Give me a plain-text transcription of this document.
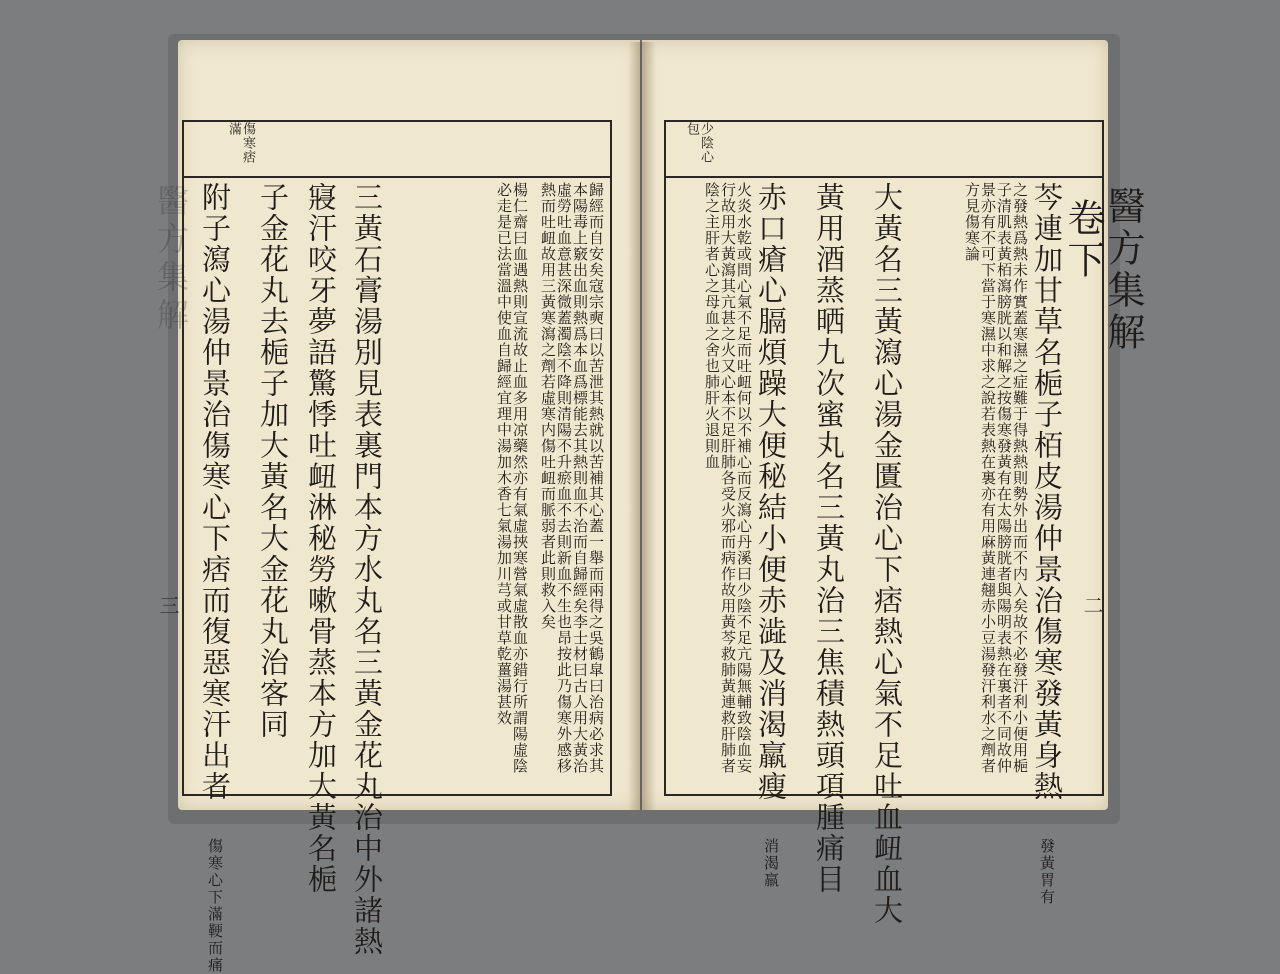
少陰心包
傷寒痞滿
醫方集解 卷下
醫方集解
二
三	芩連加甘草名梔子栢皮湯仲景治傷寒發黃身熱 發黃胃有
之發熱爲熱未作實蓋寒濕之症難于得熱熱則勢外出而不内入矣故不必發汗利小便用梔子清肌表黃栢瀉膀胱以和解之按傷寒發黃有在太陽膀胱者與陽明表熱在裏者不同故仲景亦有不可下當于寒濕中求之說若表熱在裏亦有用麻黃連翹赤小豆湯發汗利水之劑者方見傷寒論
大黃名三黃瀉心湯金匱治心下痞熱心氣不足吐血衄血大
黃用酒蒸晒九次蜜丸名三黃丸治三焦積熱頭項腫痛目
赤口瘡心膈煩躁大便秘結小便赤澁及消渴羸瘦 消渴羸
火炎水乾或問心氣不足而吐衄何以不補心而反瀉心丹溪曰少陰不足亢陽無輔致陰血妄行故用大黃瀉其亢甚之火又心本不足肝肺各受火邪而病作故用黃芩救肺黃連救肝肺者陰之主肝者心之母血之舍也肺肝火退則血
歸經而自安矣寇宗奭曰以苦泄其熱就以苦補其心蓋一舉而兩得之吳鶴皐曰治病必求其本陽毒上竅出血則熱爲本血爲標能去其熱則血不治而自歸經矣李士材曰古人用大黃治虛勞吐血意甚深微蓋濁陰不降則清陽不升瘀血不去則新血不生也昂按此乃傷寒外感移熱而吐衄故用三黃寒瀉之劑若虛寒内傷吐衄而脈弱者此則救入矣
楊仁齋曰血遇熱則宣流故止血多用凉藥然亦有氣虛挾寒營氣虛散血亦錯行所謂陽虛陰必走是已法當溫中使血自歸經宜理中湯加木香七氣湯加川芎或甘草乾薑湯甚效
三黃石膏湯別見表裏門本方水丸名三黃金花丸治中外諸熱
寢汗咬牙夢語驚悸吐衄淋秘勞嗽骨蒸本方加大黃名梔
子金花丸去梔子加大黃名大金花丸治客同
附子瀉心湯仲景治傷寒心下痞而復惡寒汗出者 傷寒心下滿鞕而痛
